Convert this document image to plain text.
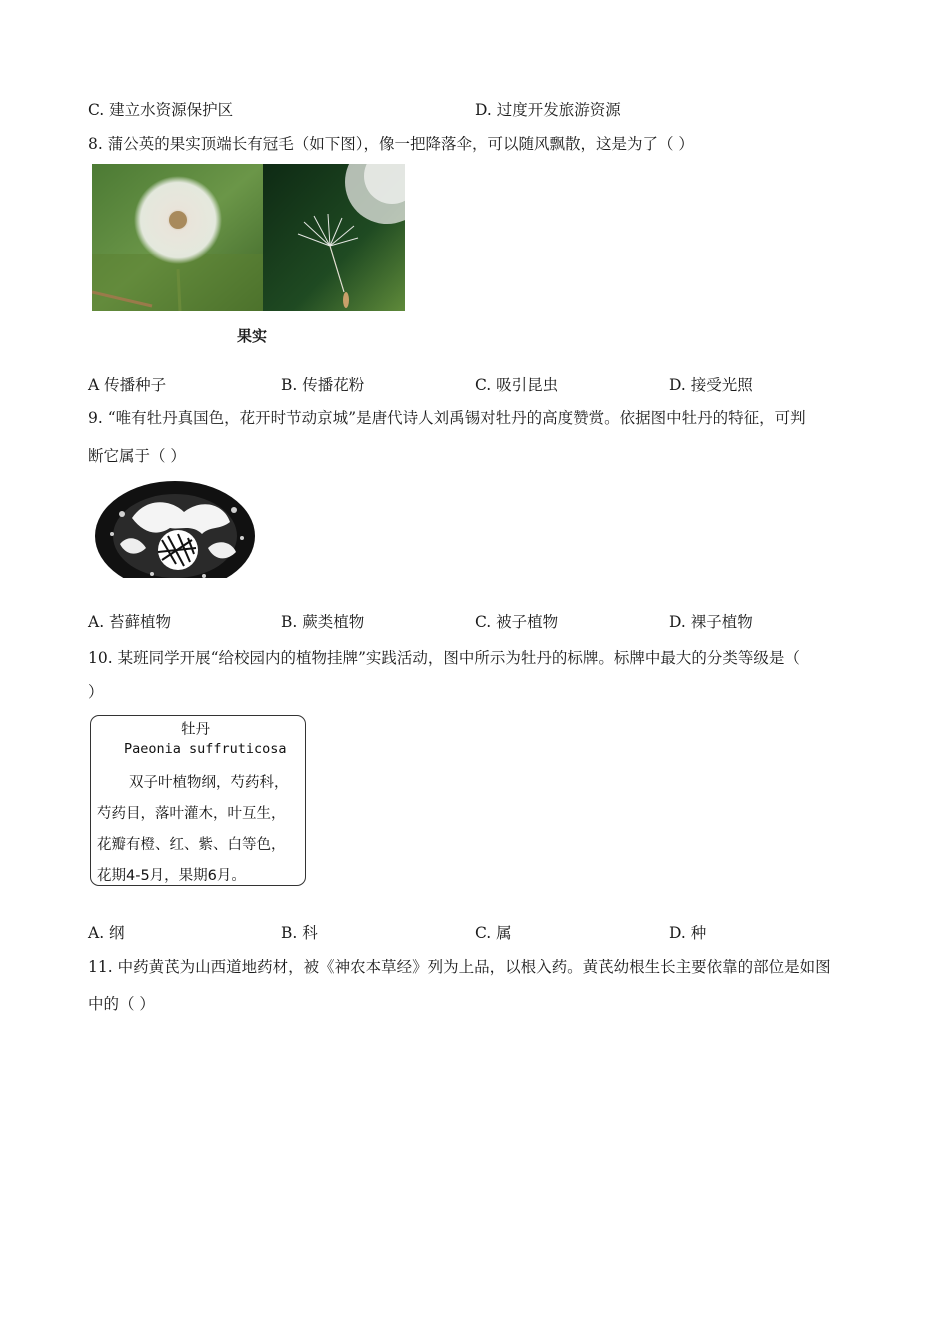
C. 建立水资源保护区	D. 过度开发旅游资源
8. 蒲公英的果实顶端长有冠毛（如下图），像一把降落伞，可以随风飘散，这是为了（ ）
果实
A 传播种子	B. 传播花粉	C. 吸引昆虫	D. 接受光照
9. “唯有牡丹真国色，花开时节动京城”是唐代诗人刘禹锡对牡丹的高度赞赏。依据图中牡丹的特征，可判
断它属于（ ）
A. 苔藓植物	B. 蕨类植物	C. 被子植物	D. 裸子植物
10. 某班同学开展“给校园内的植物挂牌”实践活动，图中所示为牡丹的标牌。标牌中最大的分类等级是（
）
牡丹
Paeonia suffruticosa
双子叶植物纲，芍药科，
芍药目，落叶灌木，叶互生，
花瓣有橙、红、紫、白等色，
花期4-5月，果期6月。
A. 纲	B. 科	C. 属	D. 种
11. 中药黄芪为山西道地药材，被《神农本草经》列为上品，以根入药。黄芪幼根生长主要依靠的部位是如图
中的（ ）
